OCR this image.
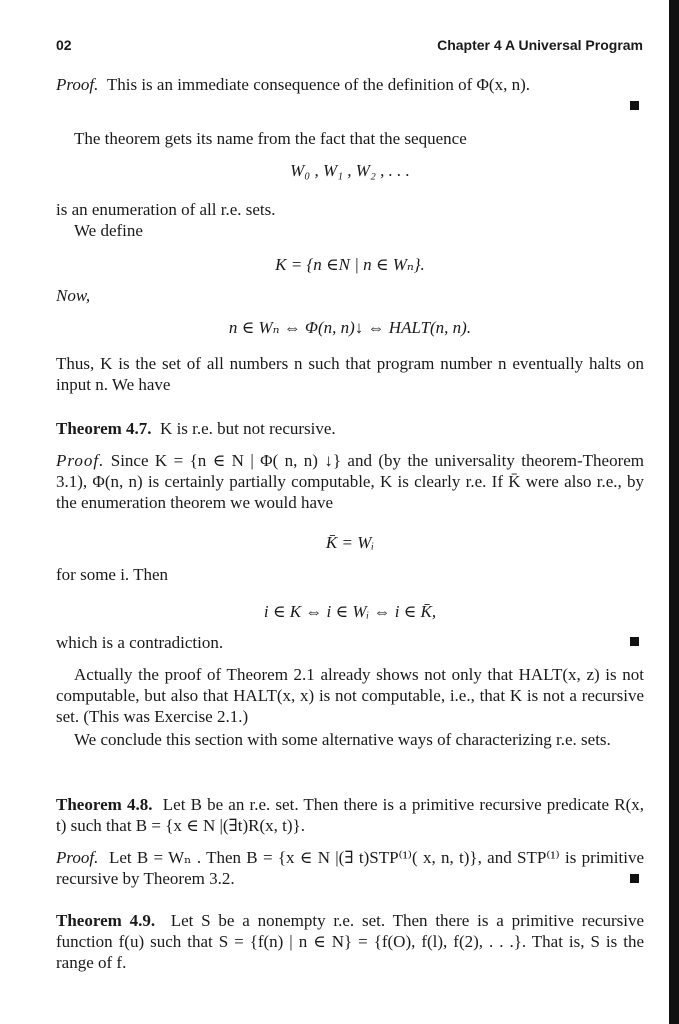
02	Chapter 4 A Universal Program
Proof. This is an immediate consequence of the definition of Φ(x, n).
The theorem gets its name from the fact that the sequence
W₀ , W₁ , W₂ , . . .
is an enumeration of all r.e. sets.
We define
K = {n ∈N | n ∈ Wₙ}.
Now,
n ∈ Wₙ ⇔ Φ(n, n)↓ ⇔ HALT(n, n).
Thus, K is the set of all numbers n such that program number n eventually halts on input n. We have
Theorem 4.7. K is r.e. but not recursive.
Proof. Since K = {n ∈ N | Φ( n, n) ↓} and (by the universality theorem-Theorem 3.1), Φ(n, n) is certainly partially computable, K is clearly r.e. If K̄ were also r.e., by the enumeration theorem we would have
K̄ = Wᵢ
for some i. Then
i ∈ K ⇔ i ∈ Wᵢ ⇔ i ∈ K̄,
which is a contradiction.
Actually the proof of Theorem 2.1 already shows not only that HALT(x, z) is not computable, but also that HALT(x, x) is not computable, i.e., that K is not a recursive set. (This was Exercise 2.1.)
We conclude this section with some alternative ways of characterizing r.e. sets.
Theorem 4.8. Let B be an r.e. set. Then there is a primitive recursive predicate R(x, t) such that B = {x ∈ N |(∃t)R(x, t)}.
Proof. Let B = Wₙ . Then B = {x ∈ N |(∃ t)STP⁽¹⁾( x, n, t)}, and STP⁽¹⁾ is primitive recursive by Theorem 3.2.
Theorem 4.9. Let S be a nonempty r.e. set. Then there is a primitive recursive function f(u) such that S = {f(n) | n ∈ N} = {f(O), f(l), f(2), . . .}. That is, S is the range of f.
